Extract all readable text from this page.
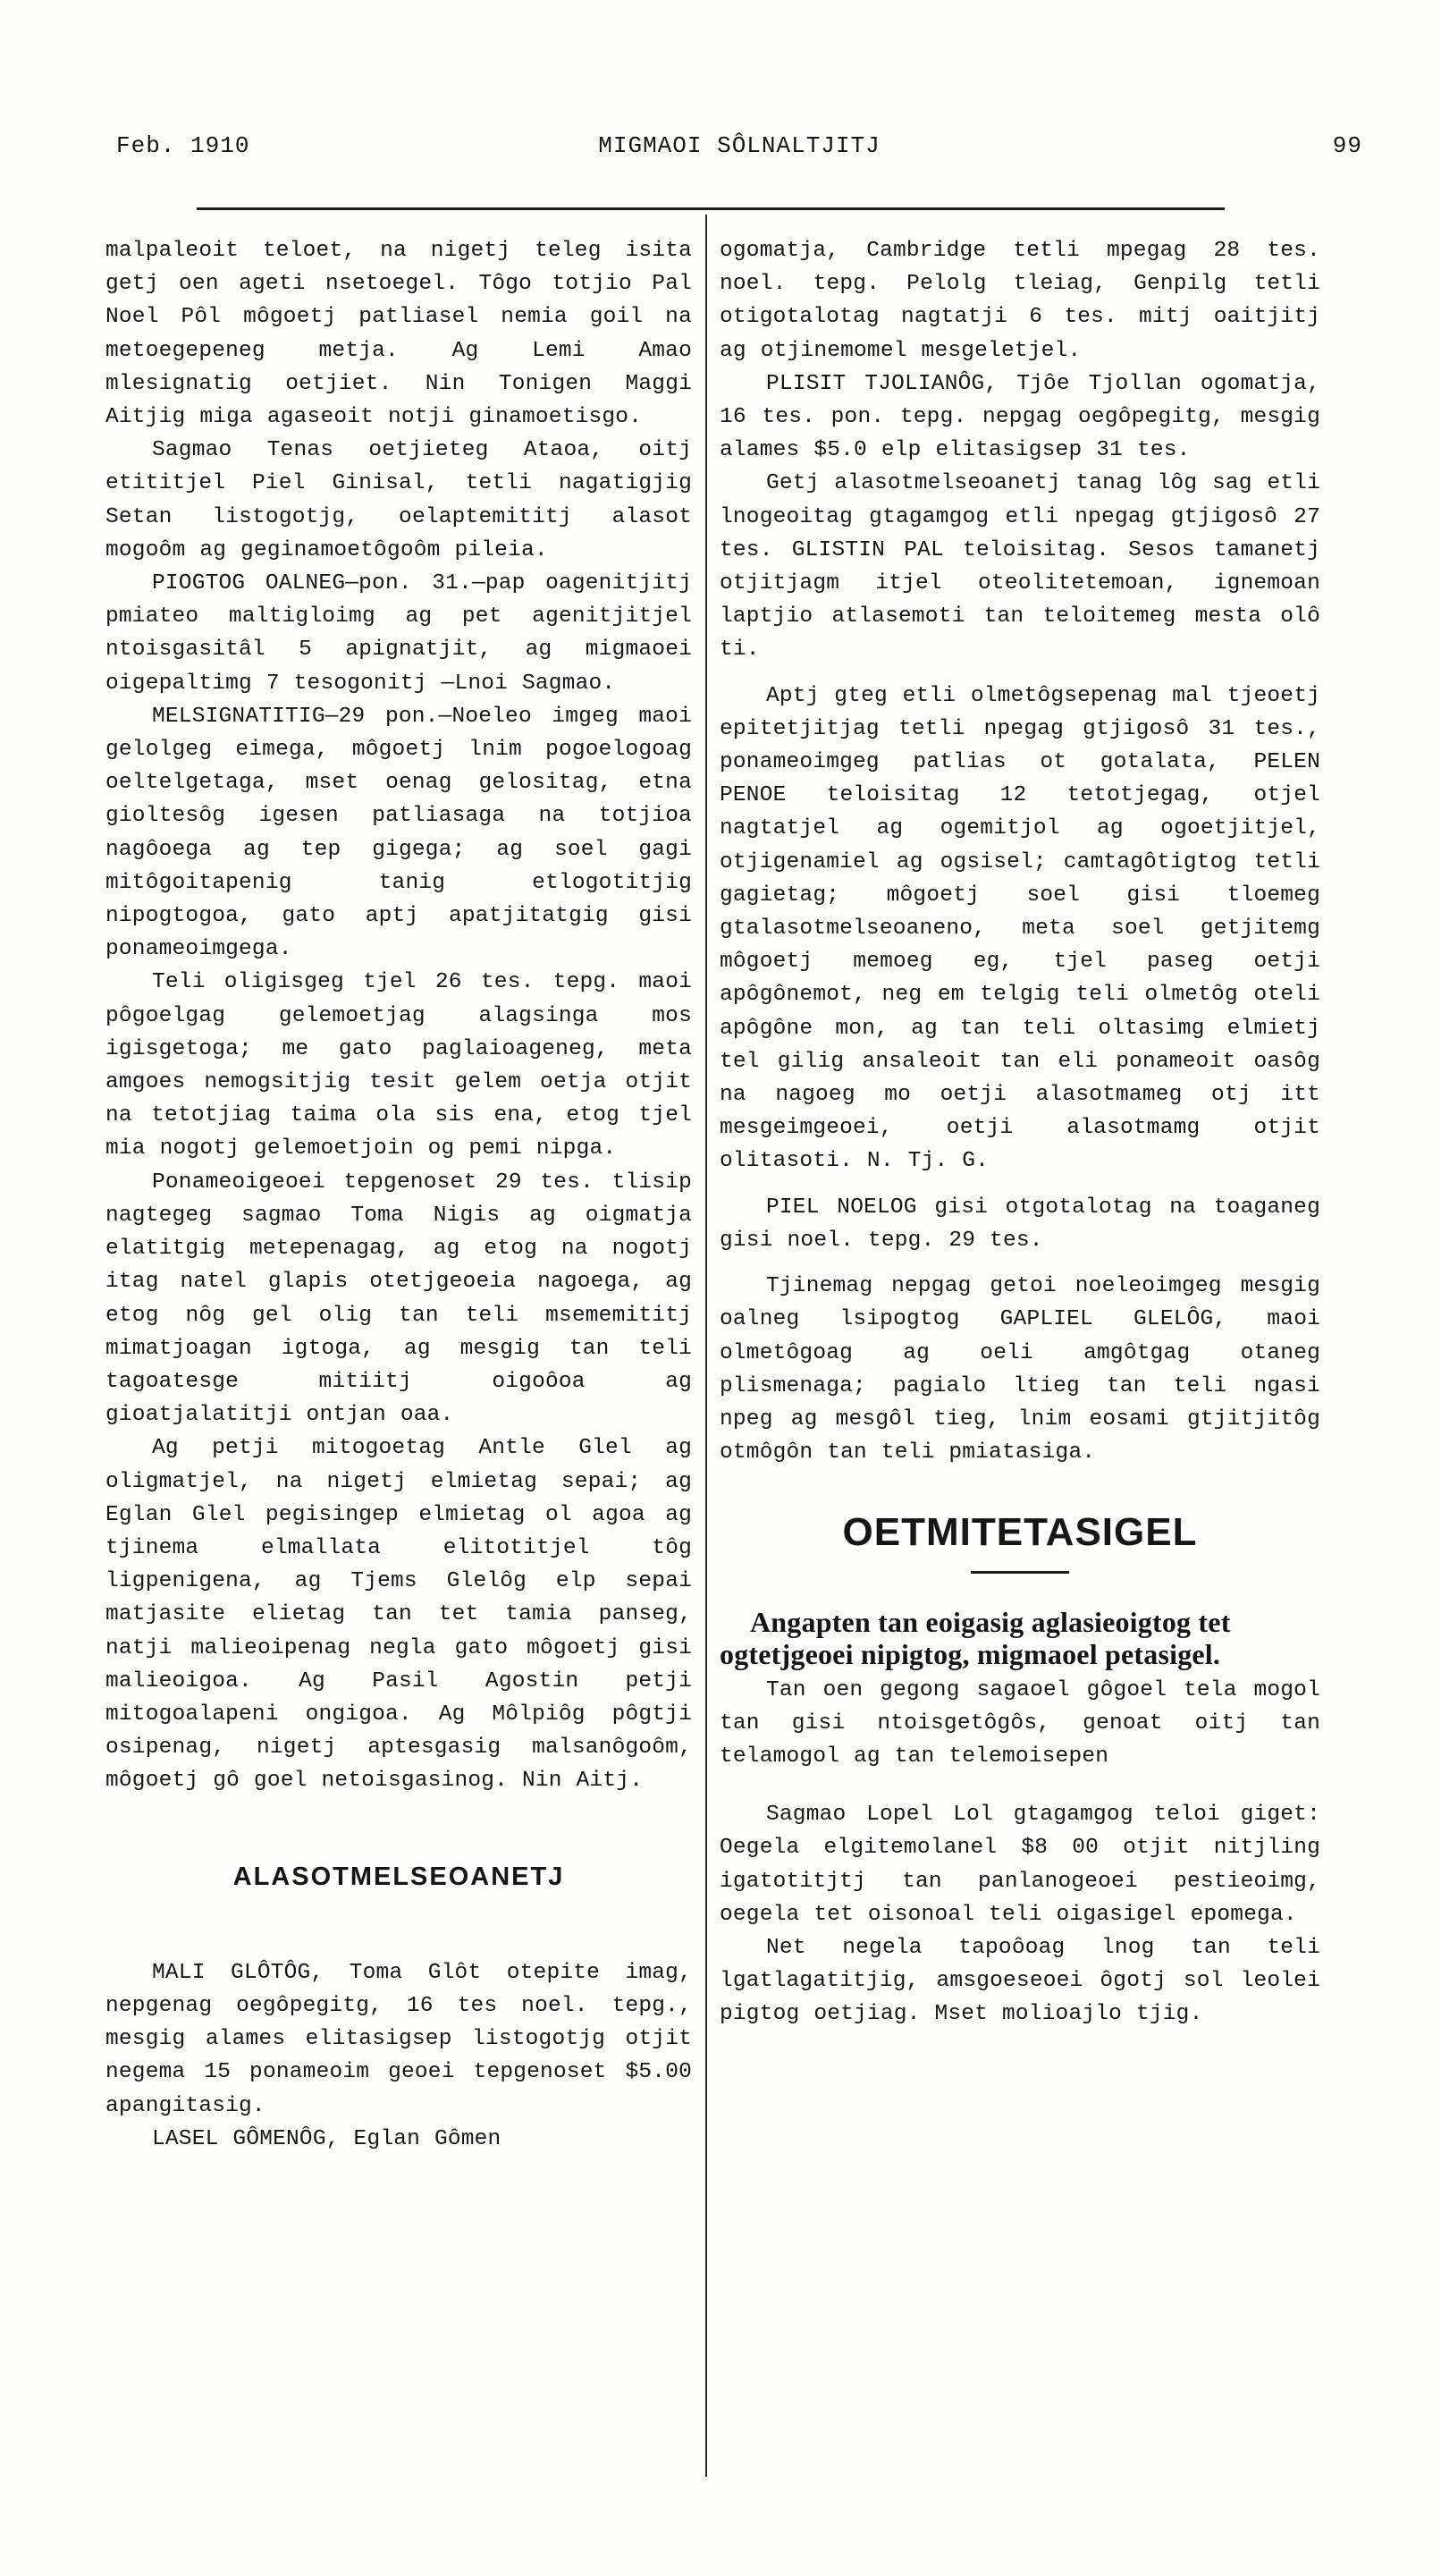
Feb. 1910	MIGMAOI SÔLNALTJITJ	99

malpaleoit teloet, na nigetj teleg isita getj oen ageti nsetoegel. Tôgo totjio Pal Noel Pôl môgoetj patliasel nemia goil na metoegepeneg metja. Ag Lemi Amao mlesignatig oetjiet. Nin Tonigen Maggi Aitjig miga agaseoit notji ginamoetisgo.

Sagmao Tenas oetjieteg Ataoa, oitj etititjel Piel Ginisal, tetli nagatigjig Setan listogotjg, oelaptemititj alasot mogoôm ag geginamoetôgoôm pileia.

PIOGTOG OALNEG—pon. 31.—pap oagenitjitj pmiateo maltigloimg ag pet agenitjitjel ntoisgasitâl 5 apignatjit, ag migmaoei oigepaltimg 7 tesogonitj —Lnoi Sagmao.

MELSIGNATITIG—29 pon.—Noeleo imgeg maoi gelolgeg eimega, môgoetj lnim pogoelogoag oeltelgetaga, mset oenag gelositag, etna gioltesôg igesen patliasaga na totjioa nagôoega ag tep gigega; ag soel gagi mitôgoitapenig tanig etlogotitjig nipogtogoa, gato aptj apatjitatgig gisi ponameoimgega.

Teli oligisgeg tjel 26 tes. tepg. maoi pôgoelgag gelemoetjag alagsinga mos igisgetoga; me gato paglaioageneg, meta amgoes nemogsitjig tesit gelem oetja otjit na tetotjiag taima ola sis ena, etog tjel mia nogotj gelemoetjoin og pemi nipga.

Ponameoigeoei tepgenoset 29 tes. tlisip nagtegeg sagmao Toma Nigis ag oigmatja elatitgig metepenagag, ag etog na nogotj itag natel glapis otetjgeoeia nagoega, ag etog nôg gel olig tan teli msememititj mimatjoagan igtoga, ag mesgig tan teli tagoatesge mitiitj oigoôoa ag gioatjalatitji ontjan oaa.

Ag petji mitogoetag Antle Glel ag oligmatjel, na nigetj elmietag sepai; ag Eglan Glel pegisingep elmietag ol agoa ag tjinema elmallata elitotitjel tôg ligpenigena, ag Tjems Glelôg elp sepai matjasite elietag tan tet tamia panseg, natji malieoipenag negla gato môgoetj gisi malieoigoa. Ag Pasil Agostin petji mitogoalapeni ongigoa. Ag Môlpiôg pôgtji osipenag, nigetj aptesgasig malsanôgoôm, môgoetj gô goel netoisgasinog. Nin Aitj.

ALASOTMELSEOANETJ

MALI GLÔTÔG, Toma Glôt otepite imag, nepgenag oegôpegitg, 16 tes noel. tepg., mesgig alames elitasigsep listogotjg otjit negema 15 ponameoim geoei tepgenoset $5.00 apangitasig.

LASEL GÔMENÔG, Eglan Gômen

ogomatja, Cambridge tetli mpegag 28 tes. noel. tepg. Pelolg tleiag, Genpilg tetli otigotalotag nagtatji 6 tes. mitj oaitjitj ag otjinemomel mesgeletjel.

PLISIT TJOLIANÔG, Tjôe Tjollan ogomatja, 16 tes. pon. tepg. nepgag oegôpegitg, mesgig alames $5.0 elp elitasigsep 31 tes.

Getj alasotmelseoanetj tanag lôg sag etli lnogeoitag gtagamgog etli npegag gtjigosô 27 tes. GLISTIN PAL teloisitag. Sesos tamanetj otjitjagm itjel oteolitetemoan, ignemoan laptjio atlasemoti tan teloitemeg mesta olô ti.

Aptj gteg etli olmetôgsepenag mal tjeoetj epitetjitjag tetli npegag gtjigosô 31 tes., ponameoimgeg patlias ot gotalata, PELEN PENOE teloisitag 12 tetotjegag, otjel nagtatjel ag ogemitjol ag ogoetjitjel, otjigenamiel ag ogsisel; camtagôtigtog tetli gagietag; môgoetj soel gisi tloemeg gtalasotmelseoaneno, meta soel getjitemg môgoetj memoeg eg, tjel paseg oetji apôgônemot, neg em telgig teli olmetôg oteli apôgône mon, ag tan teli oltasimg elmietj tel gilig ansaleoit tan eli ponameoit oasôg na nagoeg mo oetji alasotmameg otj itt mesgeimgeoei, oetji alasotmamg otjit olitasoti. N. Tj. G.

PIEL NOELOG gisi otgotalotag na toaganeg gisi noel. tepg. 29 tes.

Tjinemag nepgag getoi noeleoimgeg mesgig oalneg lsipogtog GAPLIEL GLELÔG, maoi olmetôgoag ag oeli amgôtgag otaneg plismenaga; pagialo ltieg tan teli ngasi npeg ag mesgôl tieg, lnim eosami gtjitjitôg otmôgôn tan teli pmiatasiga.

OETMITETASIGEL
Angapten tan eoigasig aglasieoigtog tet ogtetjgeoei nipigtog, migmaoel petasigel.

Tan oen gegong sagaoel gôgoel tela mogol tan gisi ntoisgetôgôs, genoat oitj tan telamogol ag tan telemoisepen

Sagmao Lopel Lol gtagamgog teloi giget: Oegela elgitemolanel $8 00 otjit nitjling igatotitjtj tan panlanogeoei pestieoimg, oegela tet oisonoal teli oigasigel epomega.

Net negela tapoôoag lnog tan teli lgatlagatitjig, amsgoeseoei ôgotj sol leolei pigtog oetjiag. Mset molioajlo tjig.
